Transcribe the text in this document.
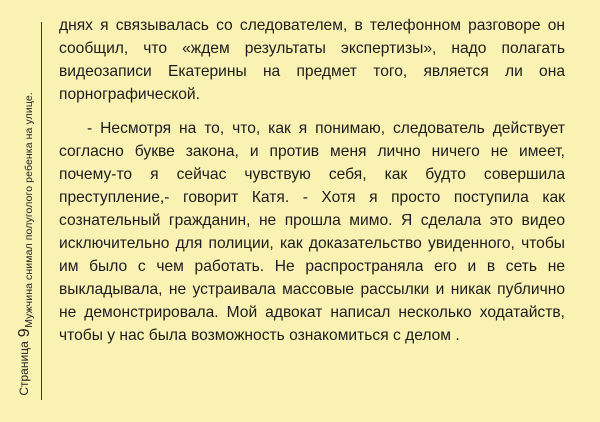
Мужчина снимал полуголого ребенка на улице.
Страница9

днях я связывалась со следователем, в телефонном разговоре он сообщил, что «ждем результаты экспертизы», надо полагать видеозаписи Екатерины на предмет того, является ли она порнографической.

- Несмотря на то, что, как я понимаю, следователь действует согласно букве закона, и против меня лично ничего не имеет, почему-то я сейчас чувствую себя, как будто совершила преступление,- говорит Катя. - Хотя я просто поступила как сознательный гражданин, не прошла мимо. Я сделала это видео исключительно для полиции, как доказательство увиденного, чтобы им было с чем работать. Не распространяла его и в сеть не выкладывала, не устраивала массовые рассылки и никак публично не демонстрировала. Мой адвокат написал несколько ходатайств, чтобы у нас была возможность ознакомиться с делом .
